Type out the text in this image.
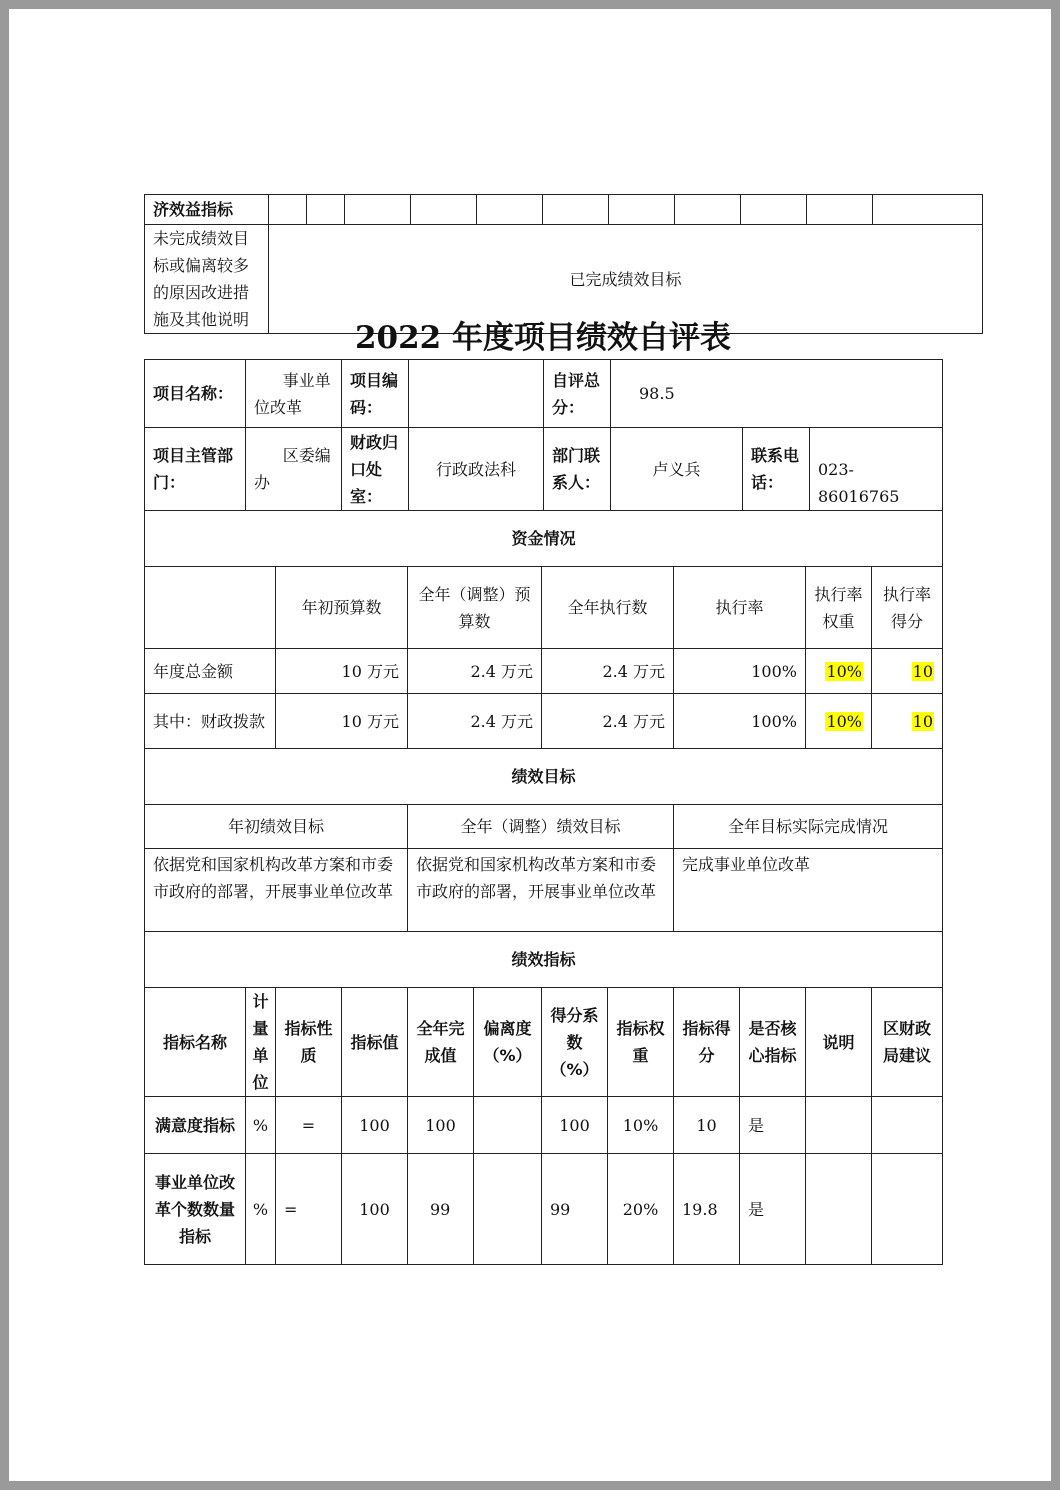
济效益指标											
未完成绩效目标或偏离较多的原因改进措施及其他说明	已完成绩效目标										
2022 年度项目绩效自评表
项目名称：	事业单位改革	项目编码：		自评总分：	98.5		
项目主管部门：	区委编办	财政归口处室：	行政政法科	部门联系人：	卢义兵	联系电话：	023-86016765
资金情况											
		年初预算数		全年（调整）预算数		全年执行数		执行率		执行率权重	执行率得分
年度总金额		10 万元		2.4 万元		2.4 万元		100%		10%	10
其中：财政拨款		10 万元		2.4 万元		2.4 万元		100%		10%	10
绩效目标											
年初绩效目标				全年（调整）绩效目标				全年目标实际完成情况			
依据党和国家机构改革方案和市委市政府的部署，开展事业单位改革				依据党和国家机构改革方案和市委市政府的部署，开展事业单位改革				完成事业单位改革			
绩效指标											
指标名称	计量单位	指标性质	指标值	全年完成值	偏离度（%）	得分系数（%）	指标权重	指标得分	是否核心指标	说明	区财政局建议
满意度指标	%	=	100	100		100	10%	10	是		
事业单位改革个数数量指标	%	=	100	99		99	20%	19.8	是		
